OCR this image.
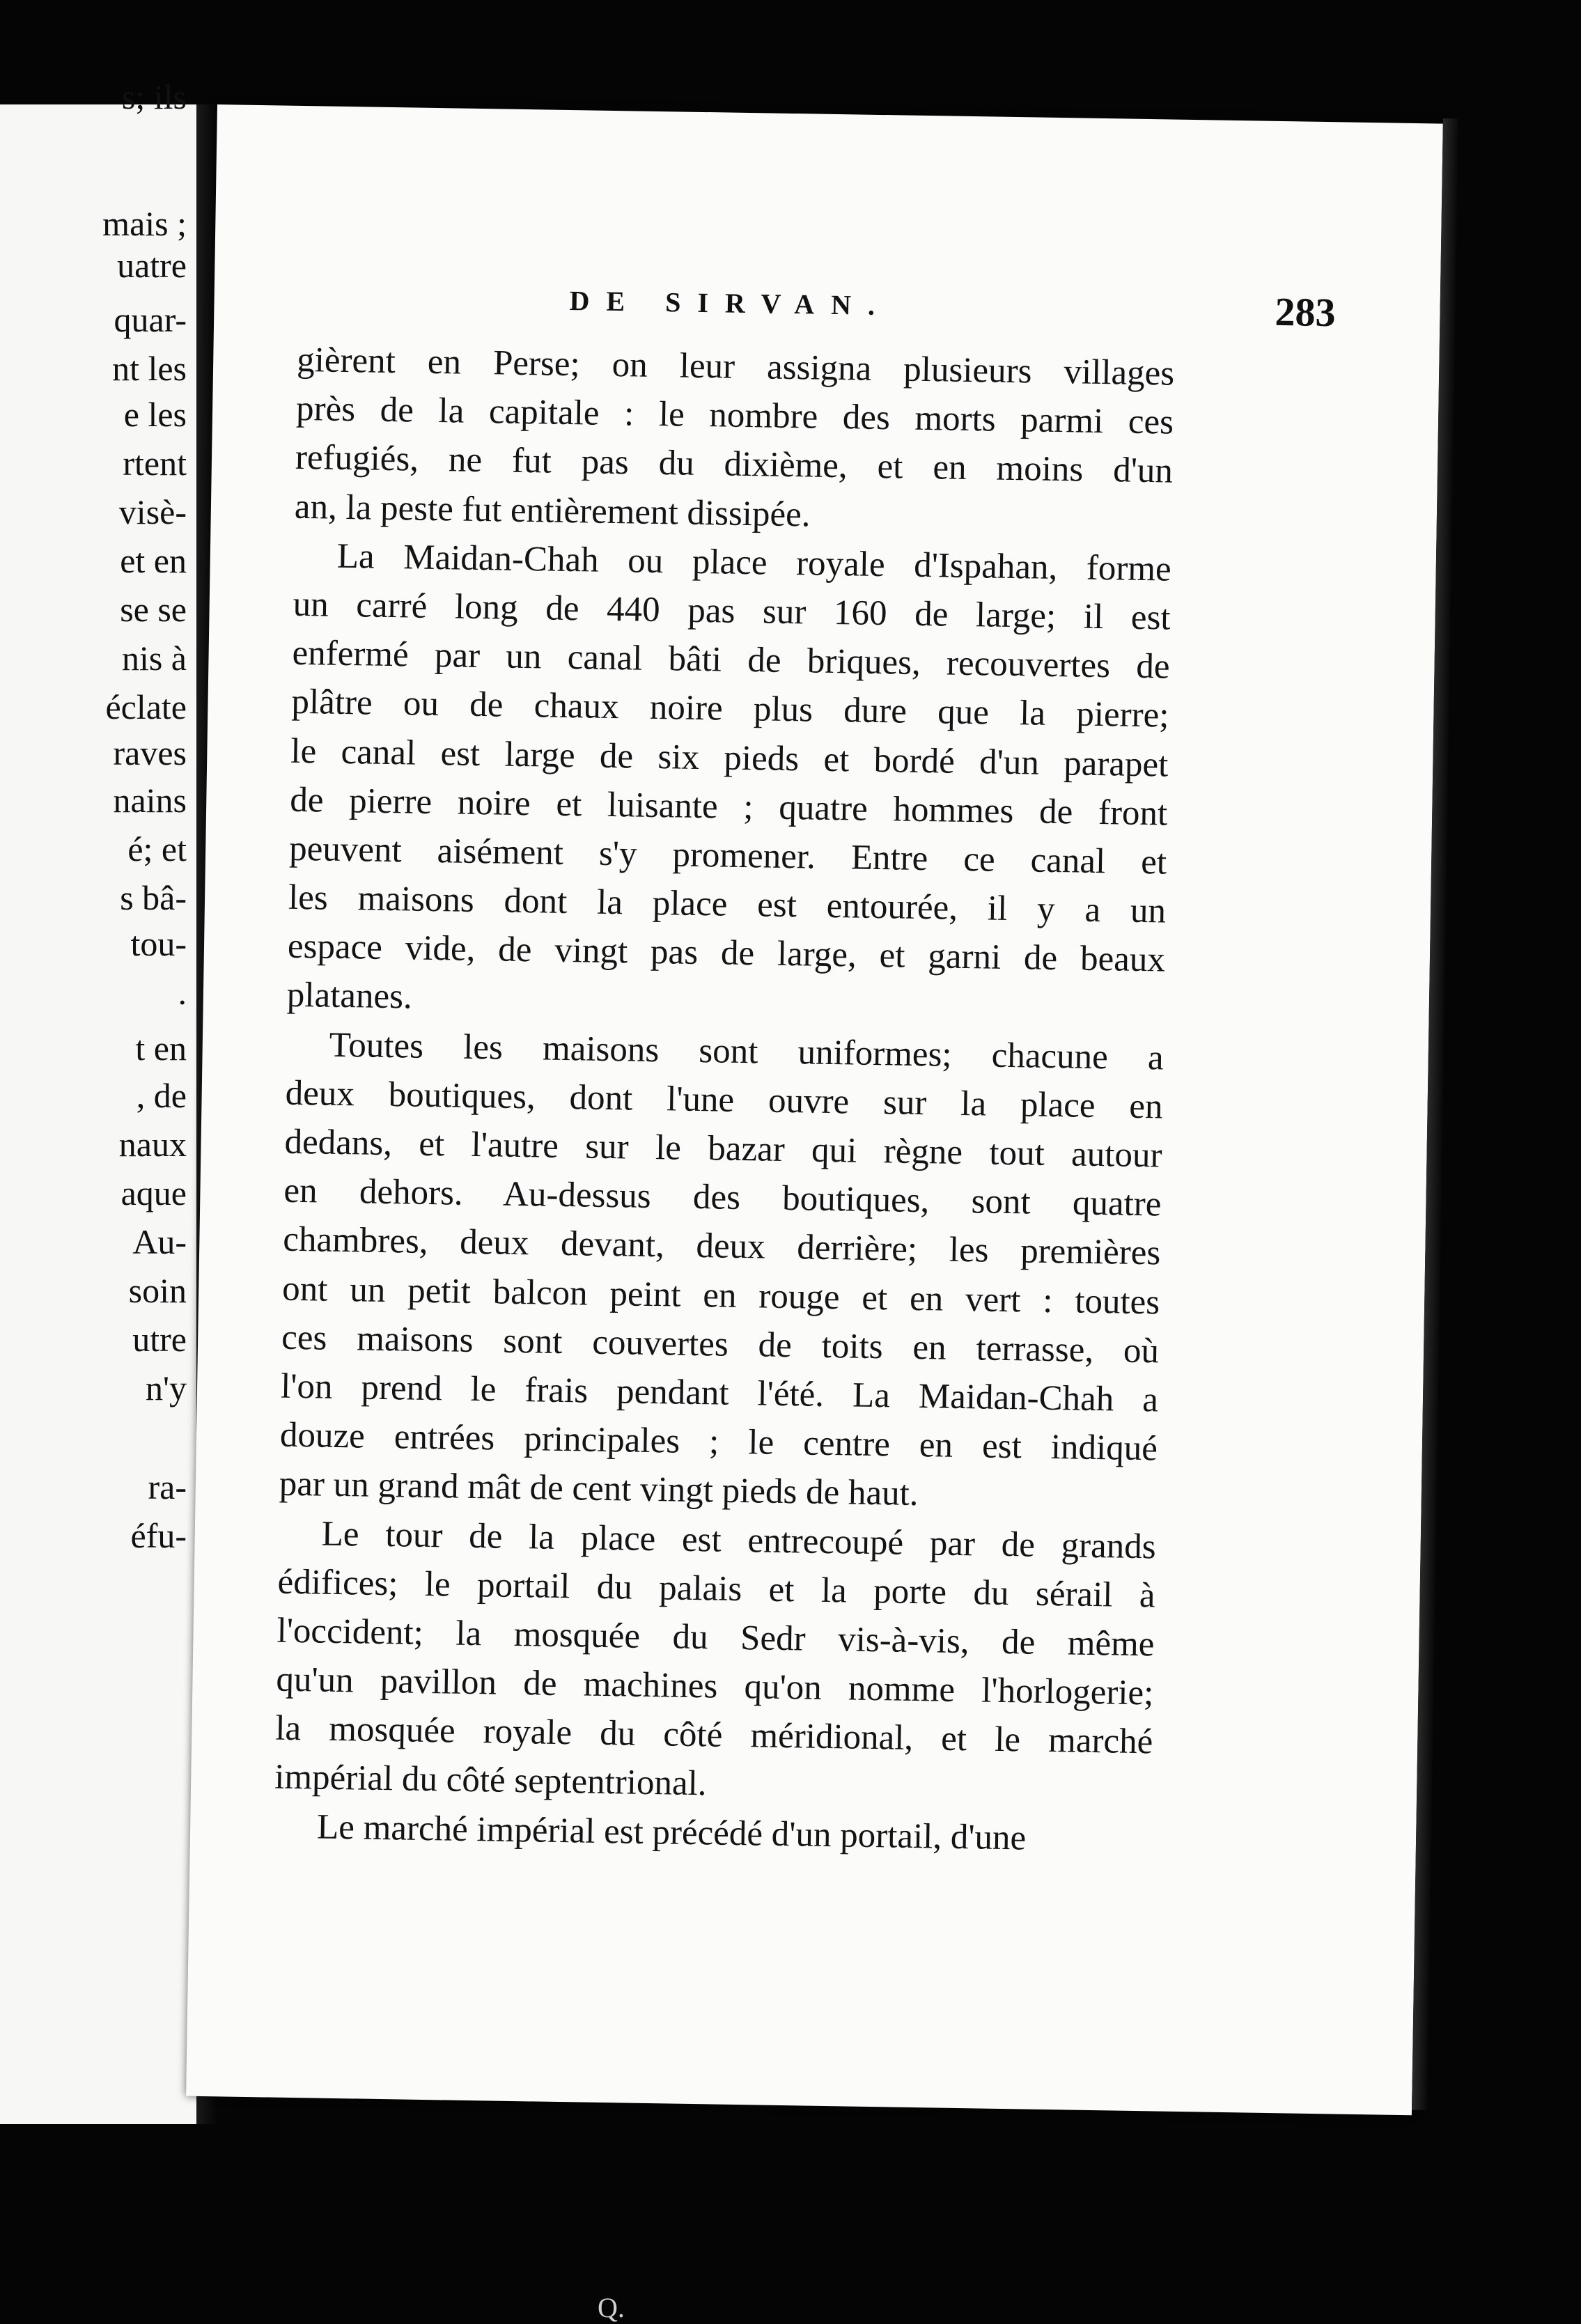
s; ils
mais ;
uatre
quar-
nt les
e les
rtent
visè-
et en
se se
nis à
éclate
raves
nains
é; et
s bâ-
tou-
.
t en
, de
naux
aque
Au-
soin
utre
n'y
ra-
éfu-
DE SIRVAN.	283
gièrent en Perse; on leur assigna plusieurs villages
près de la capitale : le nombre des morts parmi ces
refugiés, ne fut pas du dixième, et en moins d'un
an, la peste fut entièrement dissipée.
La Maidan-Chah ou place royale d'Ispahan, forme
un carré long de 440 pas sur 160 de large; il est
enfermé par un canal bâti de briques, recouvertes de
plâtre ou de chaux noire plus dure que la pierre;
le canal est large de six pieds et bordé d'un parapet
de pierre noire et luisante ; quatre hommes de front
peuvent aisément s'y promener. Entre ce canal et
les maisons dont la place est entourée, il y a un
espace vide, de vingt pas de large, et garni de beaux
platanes.
Toutes les maisons sont uniformes; chacune a
deux boutiques, dont l'une ouvre sur la place en
dedans, et l'autre sur le bazar qui règne tout autour
en dehors. Au-dessus des boutiques, sont quatre
chambres, deux devant, deux derrière; les premières
ont un petit balcon peint en rouge et en vert : toutes
ces maisons sont couvertes de toits en terrasse, où
l'on prend le frais pendant l'été. La Maidan-Chah a
douze entrées principales ; le centre en est indiqué
par un grand mât de cent vingt pieds de haut.
Le tour de la place est entrecoupé par de grands
édifices; le portail du palais et la porte du sérail à
l'occident; la mosquée du Sedr vis-à-vis, de même
qu'un pavillon de machines qu'on nomme l'horlogerie;
la mosquée royale du côté méridional, et le marché
impérial du côté septentrional.
Le marché impérial est précédé d'un portail, d'une
Q.
